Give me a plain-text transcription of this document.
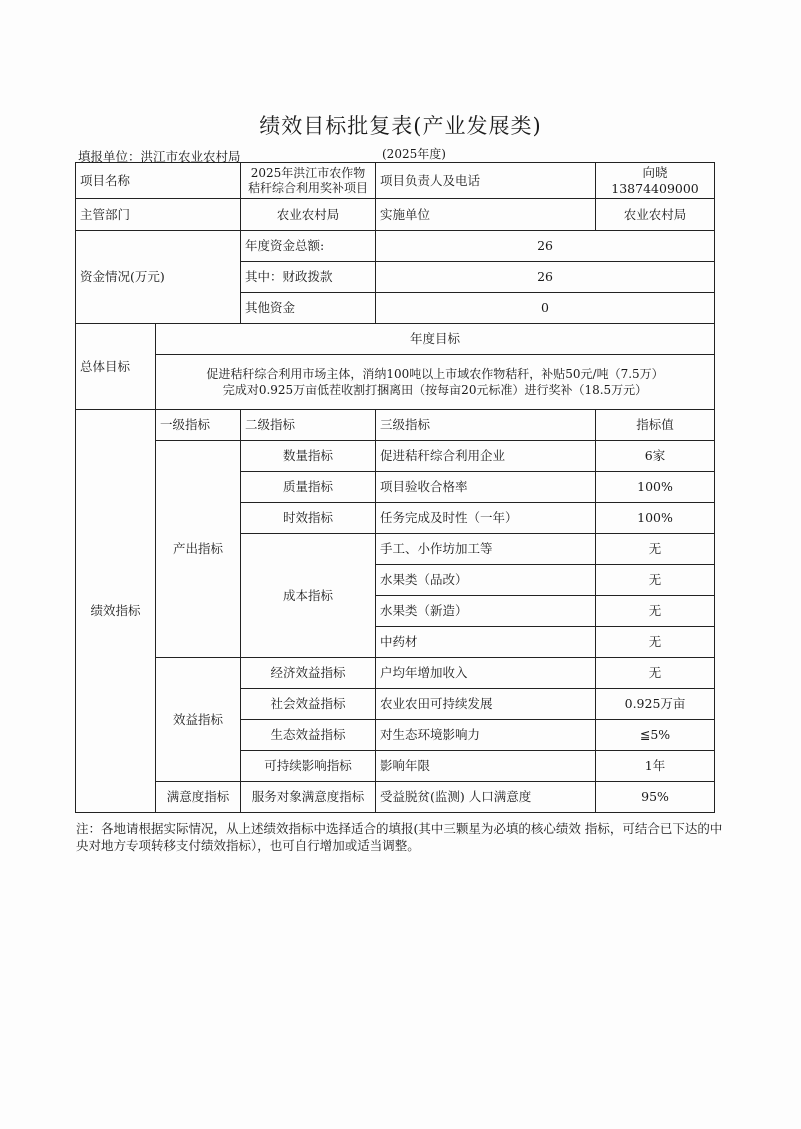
绩效目标批复表(产业发展类)
填报单位：洪江市农业农村局	(2025年度)
项目名称		2025年洪江市农作物秸秆综合利用奖补项目	项目负责人及电话	向晓13874409000
主管部门		农业农村局	实施单位	农业农村局
资金情况(万元)		年度资金总额:	26	
		其中：财政拨款	26	
		其他资金	0	
总体目标	年度目标			

	促进秸秆综合利用市场主体，消纳100吨以上市域农作物秸秆，补贴50元/吨（7.5万）
完成对0.925万亩低茬收割打捆离田（按每亩20元标准）进行奖补（18.5万元）			

绩效指标	一级指标	二级指标	三级指标	指标值
	产出指标	数量指标	促进秸秆综合利用企业	6家
		质量指标	项目验收合格率	100%
		时效指标	任务完成及时性（一年）	100%
		成本指标	手工、小作坊加工等	无
			水果类（品改）	无
			水果类（新造）	无
			中药材	无
	效益指标	经济效益指标	户均年增加收入	无
		社会效益指标	农业农田可持续发展	0.925万亩
		生态效益指标	对生态环境影响力	≦5%
		可持续影响指标	影响年限	1年
	满意度指标	服务对象满意度指标	受益脱贫(监测) 人口满意度	95%
注：各地请根据实际情况，从上述绩效指标中选择适合的填报(其中三颗星为必填的核心绩效 指标，可结合已下达的中央对地方专项转移支付绩效指标），也可自行增加或适当调整。
